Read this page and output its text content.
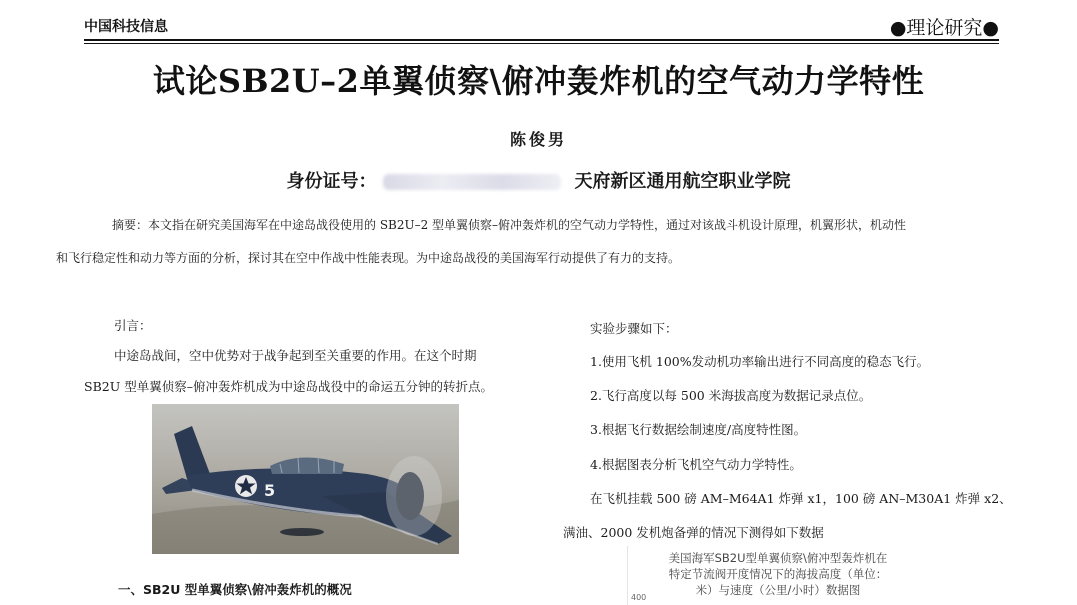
中国科技信息	●理论研究●
试论SB2U–2单翼侦察\俯冲轰炸机的空气动力学特性
陈俊男
身份证号：	天府新区通用航空职业学院
摘要：本文指在研究美国海军在中途岛战役使用的 SB2U–2 型单翼侦察–俯冲轰炸机的空气动力学特性，通过对该战斗机设计原理，机翼形状，机动性
和飞行稳定性和动力等方面的分析，探讨其在空中作战中性能表现。为中途岛战役的美国海军行动提供了有力的支持。
引言：
中途岛战间，空中优势对于战争起到至关重要的作用。在这个时期
SB2U 型单翼侦察–俯冲轰炸机成为中途岛战役中的命运五分钟的转折点。
5
一、SB2U 型单翼侦察\俯冲轰炸机的概况
实验步骤如下：
1.使用飞机 100%发动机功率输出进行不同高度的稳态飞行。
2.飞行高度以每 500 米海拔高度为数据记录点位。
3.根据飞行数据绘制速度/高度特性图。
4.根据图表分析飞机空气动力学特性。
在飞机挂载 500 磅 AM–M64A1 炸弹 x1，100 磅 AN–M30A1 炸弹 x2、
满油、2000 发机炮备弹的情况下测得如下数据
美国海军SB2U型单翼侦察\俯冲型轰炸机在
特定节流阀开度情况下的海拔高度（单位：
米）与速度（公里/小时）数据图
400
